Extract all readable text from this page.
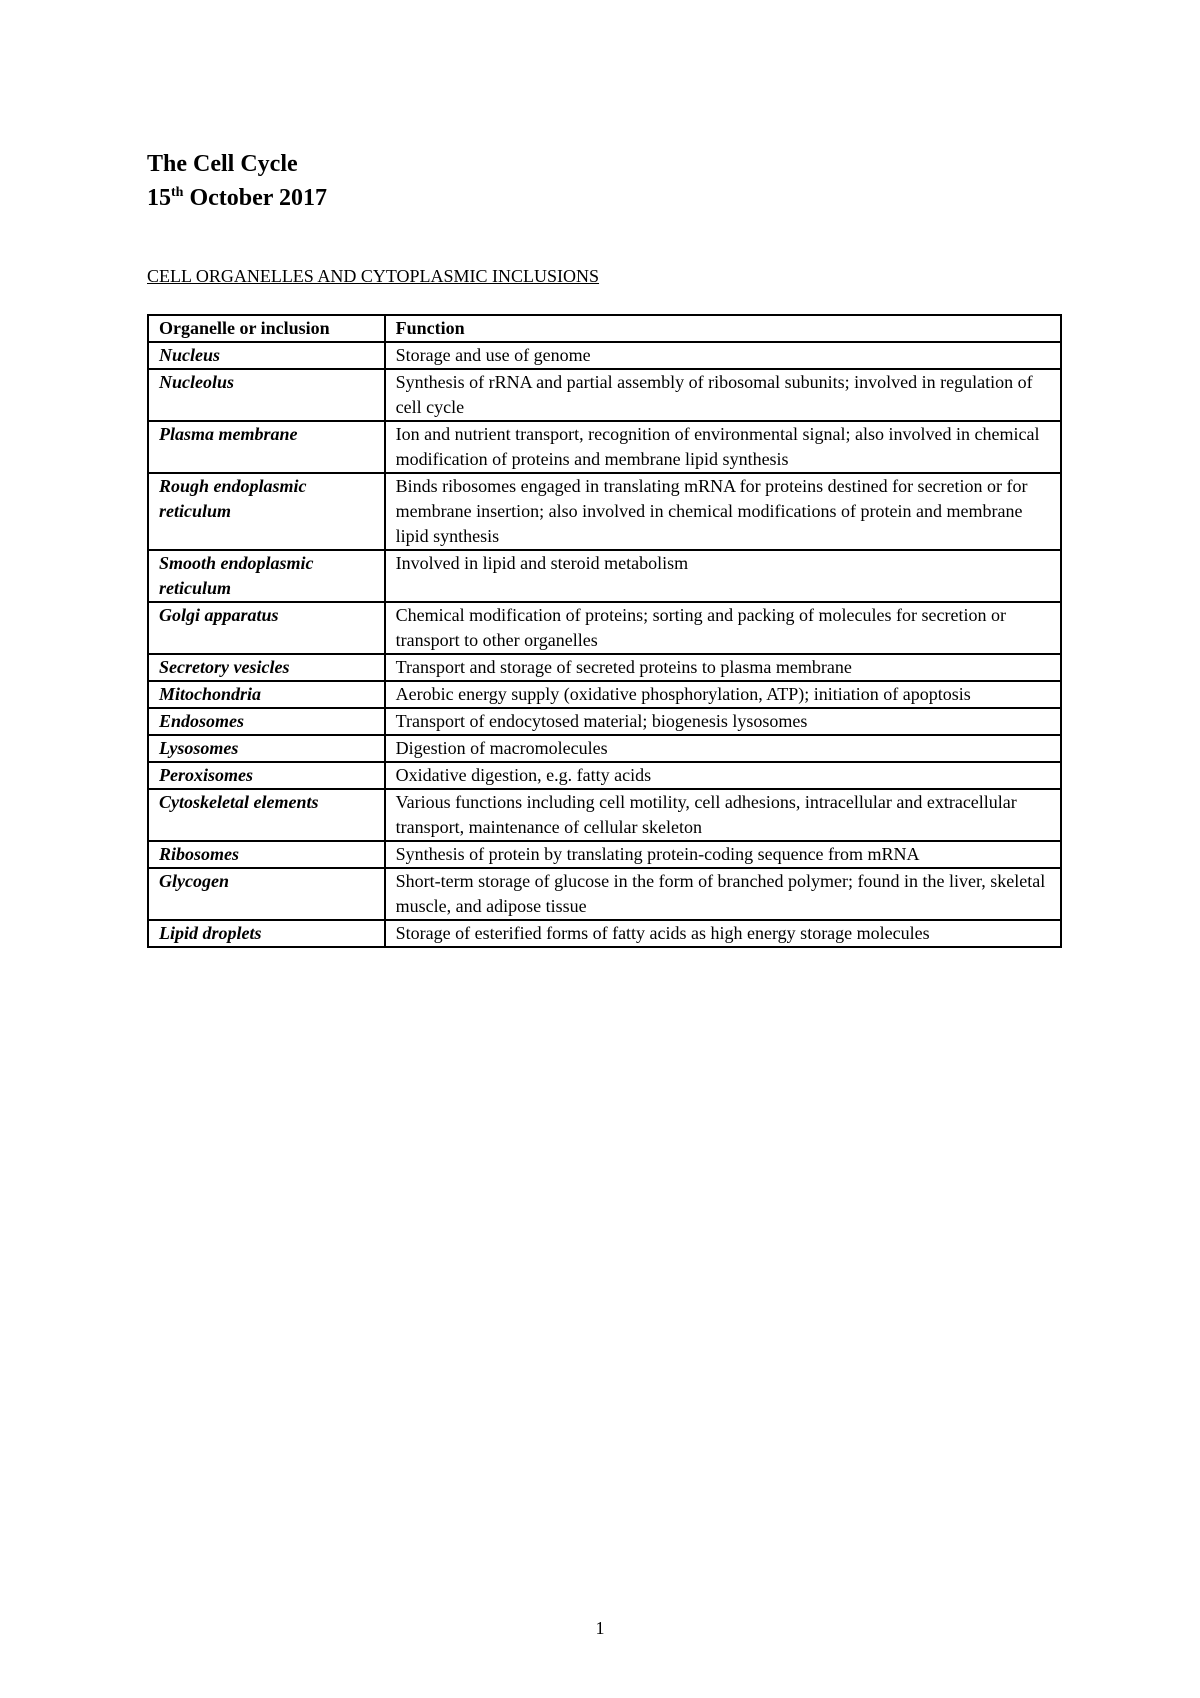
The Cell Cycle

15th October 2017

CELL ORGANELLES AND CYTOPLASMIC INCLUSIONS

Organelle or inclusion	Function
Nucleus	Storage and use of genome
Nucleolus	Synthesis of rRNA and partial assembly of ribosomal subunits; involved in regulation of cell cycle
Plasma membrane	Ion and nutrient transport, recognition of environmental signal; also involved in chemical modification of proteins and membrane lipid synthesis
Rough endoplasmic reticulum	Binds ribosomes engaged in translating mRNA for proteins destined for secretion or for membrane insertion; also involved in chemical modifications of protein and membrane lipid synthesis
Smooth endoplasmic reticulum	Involved in lipid and steroid metabolism
Golgi apparatus	Chemical modification of proteins; sorting and packing of molecules for secretion or transport to other organelles
Secretory vesicles	Transport and storage of secreted proteins to plasma membrane
Mitochondria	Aerobic energy supply (oxidative phosphorylation, ATP); initiation of apoptosis
Endosomes	Transport of endocytosed material; biogenesis lysosomes
Lysosomes	Digestion of macromolecules
Peroxisomes	Oxidative digestion, e.g. fatty acids
Cytoskeletal elements	Various functions including cell motility, cell adhesions, intracellular and extracellular transport, maintenance of cellular skeleton
Ribosomes	Synthesis of protein by translating protein-coding sequence from mRNA
Glycogen	Short-term storage of glucose in the form of branched polymer; found in the liver, skeletal muscle, and adipose tissue
Lipid droplets	Storage of esterified forms of fatty acids as high energy storage molecules
1
